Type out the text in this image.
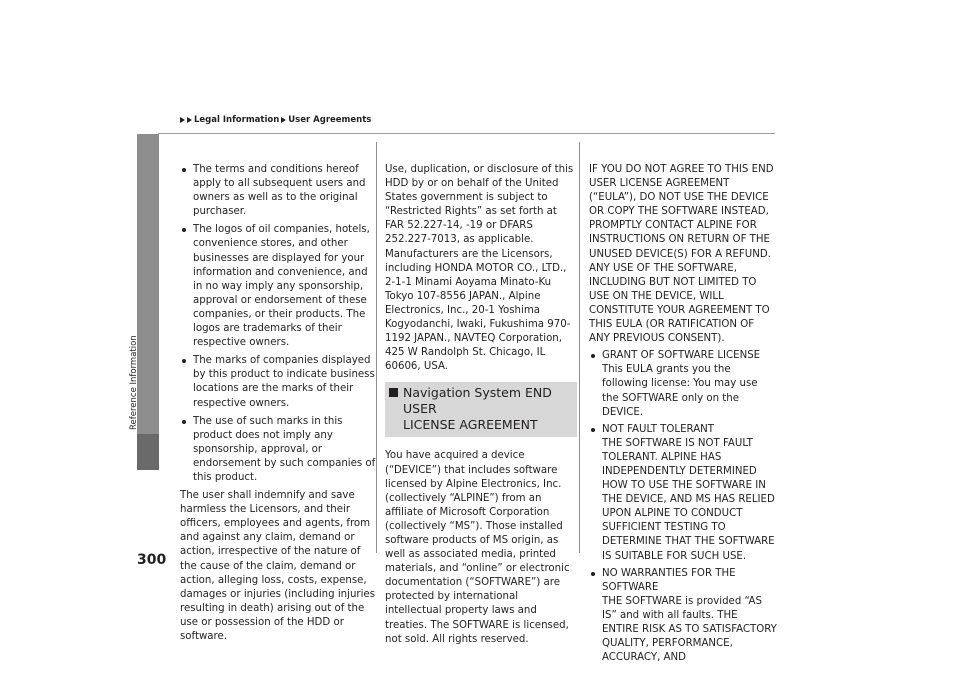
Legal Information User Agreements
Reference Information
300

The terms and conditions hereof apply to all subsequent users and owners as well as to the original purchaser.

The logos of oil companies, hotels, convenience stores, and other businesses are displayed for your information and convenience, and in no way imply any sponsorship, approval or endorsement of these companies, or their products. The logos are trademarks of their respective owners.

The marks of companies displayed by this product to indicate business locations are the marks of their respective owners.

The use of such marks in this product does not imply any sponsorship, approval, or endorsement by such companies of this product.

The user shall indemnify and save harmless the Licensors, and their officers, employees and agents, from and against any claim, demand or action, irrespective of the nature of the cause of the claim, demand or action, alleging loss, costs, expense, damages or injuries (including injuries resulting in death) arising out of the use or possession of the HDD or software.

Use, duplication, or disclosure of this HDD by or on behalf of the United States government is subject to “Restricted Rights” as set forth at FAR 52.227-14, -19 or DFARS 252.227-7013, as applicable. Manufacturers are the Licensors, including HONDA MOTOR CO., LTD., 2-1-1 Minami Aoyama Minato-Ku Tokyo 107-8556 JAPAN., Alpine Electronics, Inc., 20-1 Yoshima Kogyodanchi, Iwaki, Fukushima 970-1192 JAPAN., NAVTEQ Corporation, 425 W Randolph St. Chicago, IL 60606, USA.

Navigation System END USER
LICENSE AGREEMENT

You have acquired a device (“DEVICE”) that includes software licensed by Alpine Electronics, Inc. (collectively “ALPINE”) from an affiliate of Microsoft Corporation (collectively “MS”). Those installed software products of MS origin, as well as associated media, printed materials, and “online” or electronic documentation (“SOFTWARE”) are protected by international intellectual property laws and treaties. The SOFTWARE is licensed, not sold. All rights reserved.

IF YOU DO NOT AGREE TO THIS END USER LICENSE AGREEMENT (“EULA”), DO NOT USE THE DEVICE OR COPY THE SOFTWARE INSTEAD, PROMPTLY CONTACT ALPINE FOR INSTRUCTIONS ON RETURN OF THE UNUSED DEVICE(S) FOR A REFUND. ANY USE OF THE SOFTWARE, INCLUDING BUT NOT LIMITED TO USE ON THE DEVICE, WILL CONSTITUTE YOUR AGREEMENT TO THIS EULA (OR RATIFICATION OF ANY PREVIOUS CONSENT).

GRANT OF SOFTWARE LICENSE
This EULA grants you the following license: You may use the SOFTWARE only on the DEVICE.
NOT FAULT TOLERANT
THE SOFTWARE IS NOT FAULT TOLERANT. ALPINE HAS INDEPENDENTLY DETERMINED HOW TO USE THE SOFTWARE IN THE DEVICE, AND MS HAS RELIED UPON ALPINE TO CONDUCT SUFFICIENT TESTING TO DETERMINE THAT THE SOFTWARE IS SUITABLE FOR SUCH USE.
NO WARRANTIES FOR THE SOFTWARE
THE SOFTWARE is provided “AS IS” and with all faults. THE ENTIRE RISK AS TO SATISFACTORY QUALITY, PERFORMANCE, ACCURACY, AND
